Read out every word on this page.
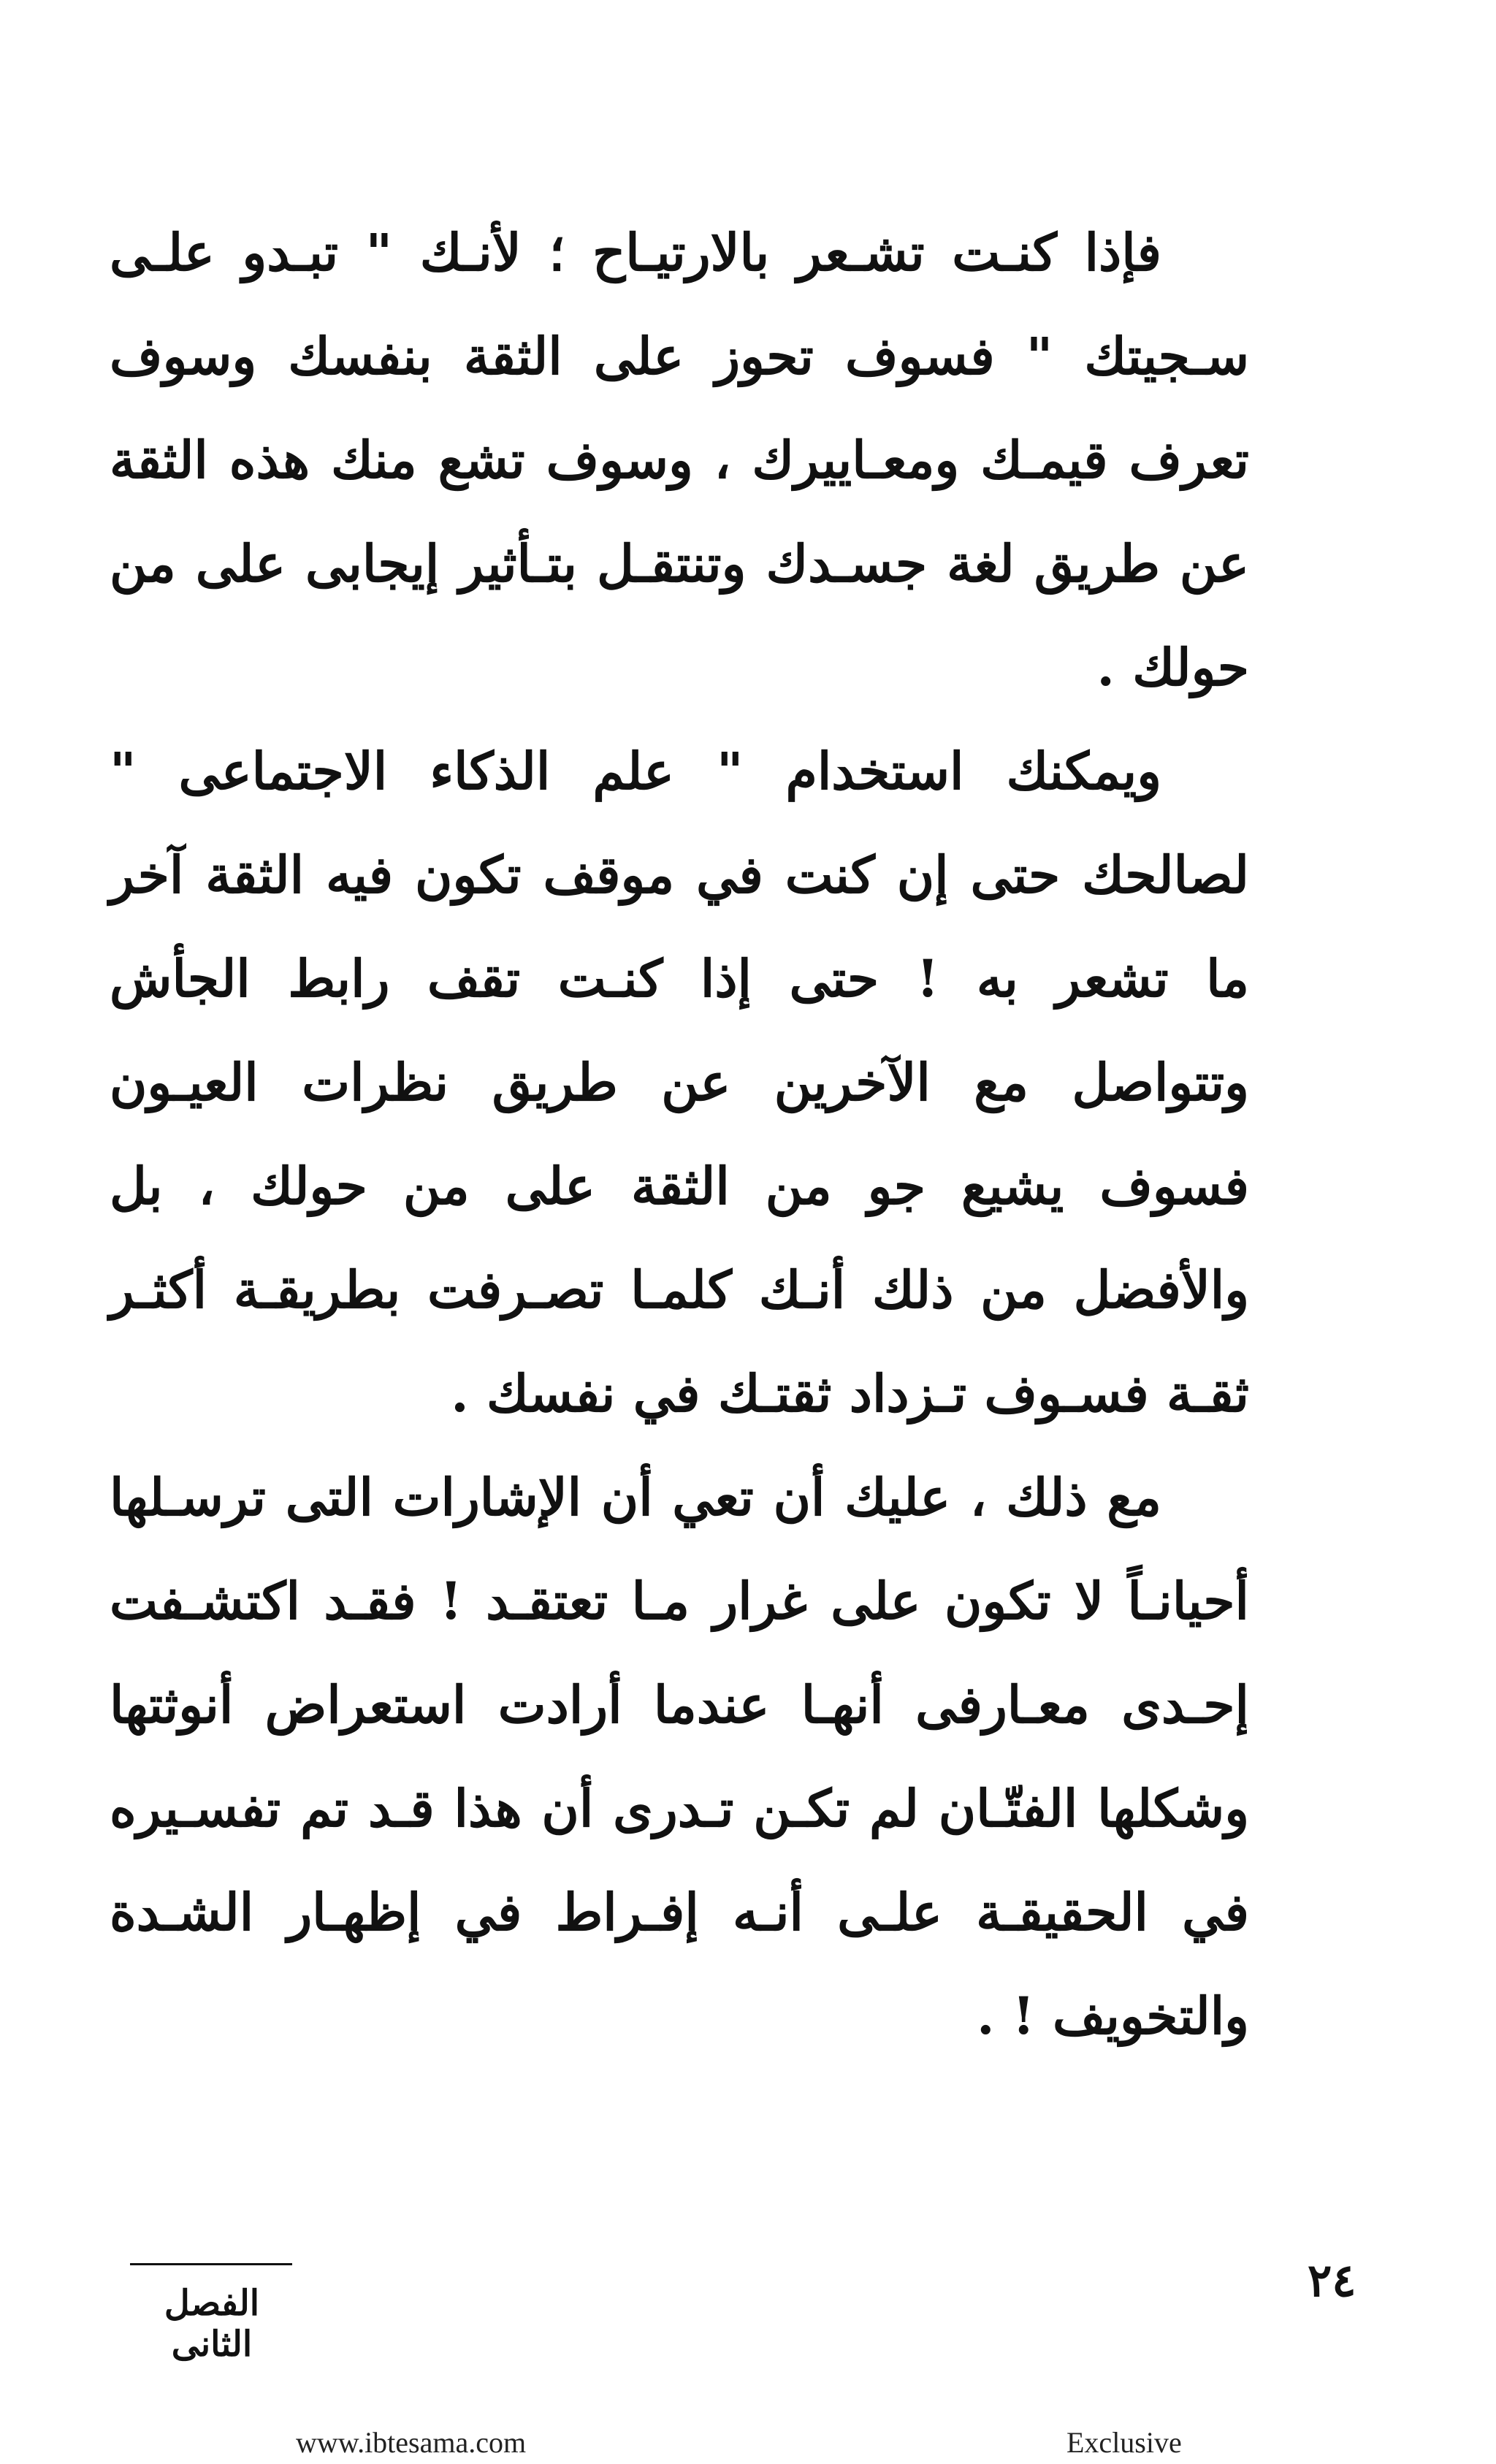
فإذا كنـت تشـعر بالارتيـاح ؛ لأنـك " تبـدو علـى سـجيتك " فسوف تحوز على الثقة بنفسك وسوف تعرف قيمـك ومعـاييرك ، وسوف تشع منك هذه الثقة عن طريق لغة جسـدك وتنتقـل بتـأثير إيجابى على من حولك .

ويمكنك استخدام " علم الذكاء الاجتماعى " لصالحك حتى إن كنت في موقف تكون فيه الثقة آخر ما تشعر به ! حتى إذا كنـت تقف رابط الجأش وتتواصل مع الآخرين عن طريق نظرات العيـون فسوف يشيع جو من الثقة على من حولك ، بل والأفضل من ذلك أنـك كلمـا تصـرفت بطريقـة أكثـر ثقـة فسـوف تـزداد ثقتـك في نفسك .

مع ذلك ، عليك أن تعي أن الإشارات التى ترسـلها أحيانـاً لا تكون على غرار مـا تعتقـد ! فقـد اكتشـفت إحـدى معـارفى أنهـا عندما أرادت استعراض أنوثتها وشكلها الفتّـان لم تكـن تـدرى أن هذا قـد تم تفسـيره في الحقيقـة علـى أنـه إفـراط في إظهـار الشـدة والتخويف ! .

٢٤
الفصل الثانى
www.ibtesama.com	Exclusive
